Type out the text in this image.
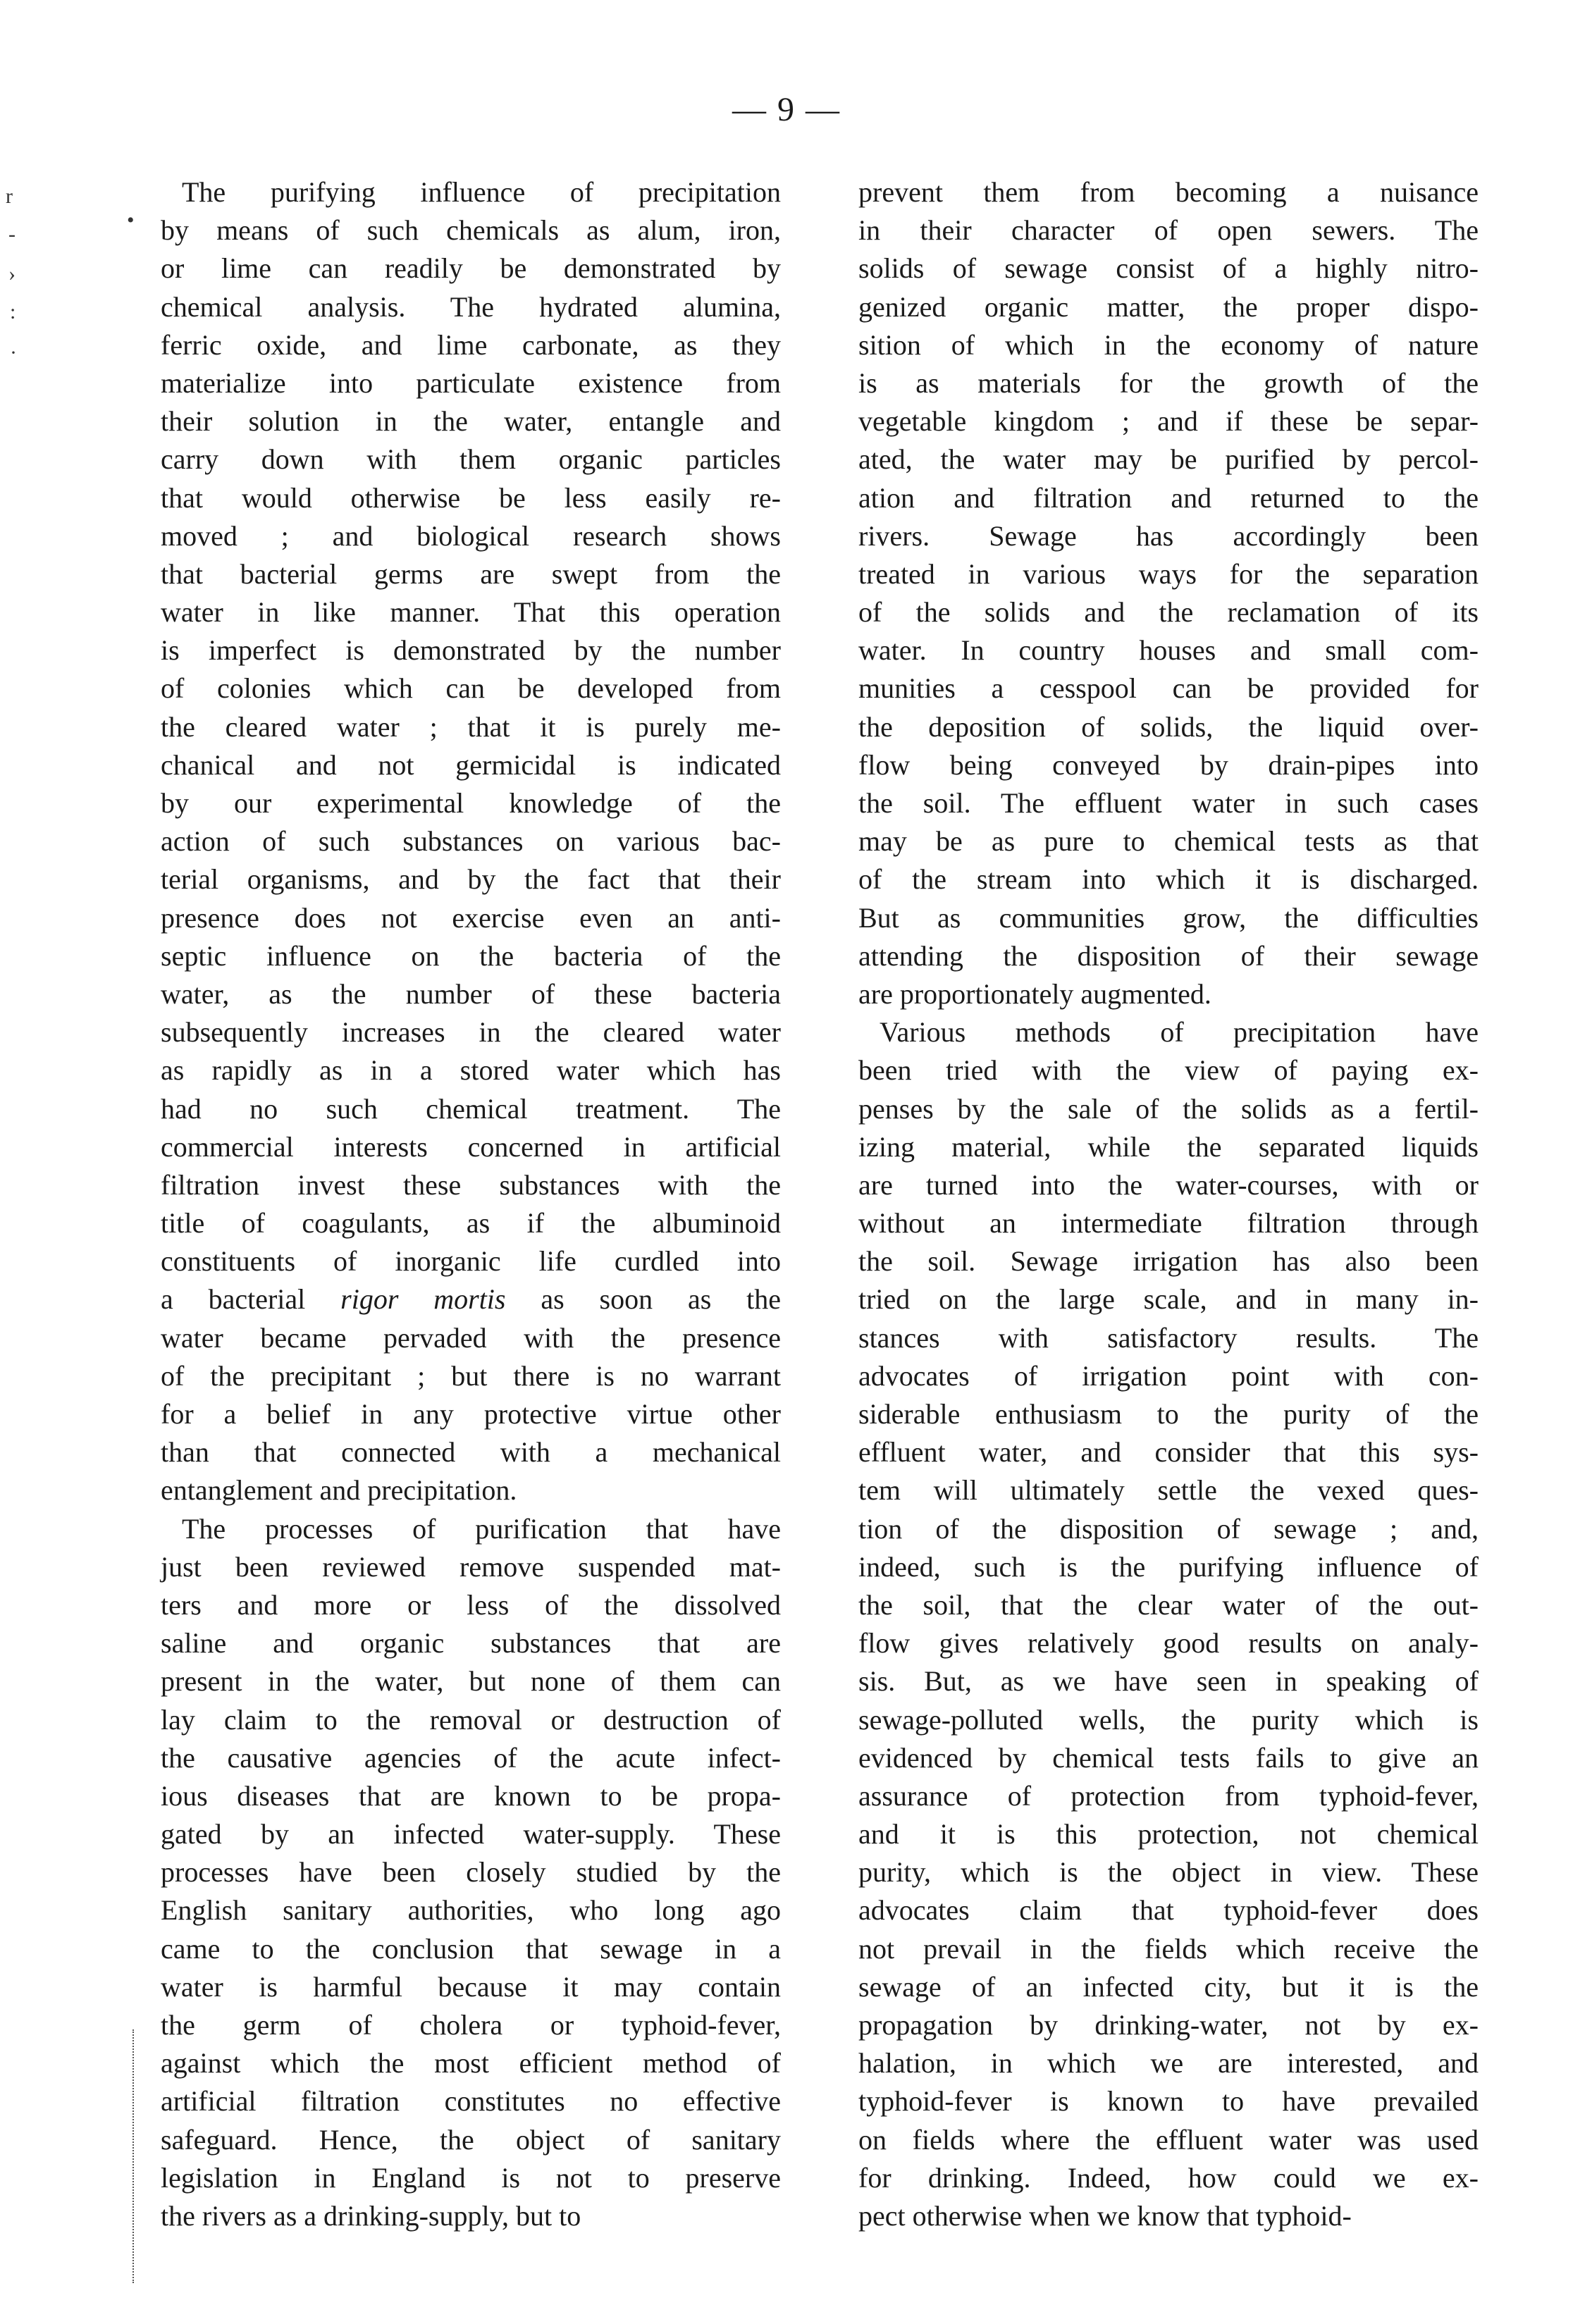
— 9 —
r
-
›
:
·
•
The purifying influence of precipitation
by means of such chemicals as alum, iron,
or lime can readily be demonstrated by
chemical analysis. The hydrated alumina,
ferric oxide, and lime carbonate, as they
materialize into particulate existence from
their solution in the water, entangle and
carry down with them organic particles
that would otherwise be less easily re-
moved ; and biological research shows
that bacterial germs are swept from the
water in like manner. That this operation
is imperfect is demonstrated by the number
of colonies which can be developed from
the cleared water ; that it is purely me-
chanical and not germicidal is indicated
by our experimental knowledge of the
action of such substances on various bac-
terial organisms, and by the fact that their
presence does not exercise even an anti-
septic influence on the bacteria of the
water, as the number of these bacteria
subsequently increases in the cleared water
as rapidly as in a stored water which has
had no such chemical treatment. The
commercial interests concerned in artificial
filtration invest these substances with the
title of coagulants, as if the albuminoid
constituents of inorganic life curdled into
a bacterial rigor mortis as soon as the
water became pervaded with the presence
of the precipitant ; but there is no warrant
for a belief in any protective virtue other
than that connected with a mechanical
entanglement and precipitation.
The processes of purification that have
just been reviewed remove suspended mat-
ters and more or less of the dissolved
saline and organic substances that are
present in the water, but none of them can
lay claim to the removal or destruction of
the causative agencies of the acute infect-
ious diseases that are known to be propa-
gated by an infected water-supply. These
processes have been closely studied by the
English sanitary authorities, who long ago
came to the conclusion that sewage in a
water is harmful because it may contain
the germ of cholera or typhoid-fever,
against which the most efficient method of
artificial filtration constitutes no effective
safeguard. Hence, the object of sanitary
legislation in England is not to preserve
the rivers as a drinking-supply, but to
prevent them from becoming a nuisance
in their character of open sewers. The
solids of sewage consist of a highly nitro-
genized organic matter, the proper dispo-
sition of which in the economy of nature
is as materials for the growth of the
vegetable kingdom ; and if these be separ-
ated, the water may be purified by percol-
ation and filtration and returned to the
rivers. Sewage has accordingly been
treated in various ways for the separation
of the solids and the reclamation of its
water. In country houses and small com-
munities a cesspool can be provided for
the deposition of solids, the liquid over-
flow being conveyed by drain-pipes into
the soil. The effluent water in such cases
may be as pure to chemical tests as that
of the stream into which it is discharged.
But as communities grow, the difficulties
attending the disposition of their sewage
are proportionately augmented.
Various methods of precipitation have
been tried with the view of paying ex-
penses by the sale of the solids as a fertil-
izing material, while the separated liquids
are turned into the water-courses, with or
without an intermediate filtration through
the soil. Sewage irrigation has also been
tried on the large scale, and in many in-
stances with satisfactory results. The
advocates of irrigation point with con-
siderable enthusiasm to the purity of the
effluent water, and consider that this sys-
tem will ultimately settle the vexed ques-
tion of the disposition of sewage ; and,
indeed, such is the purifying influence of
the soil, that the clear water of the out-
flow gives relatively good results on analy-
sis. But, as we have seen in speaking of
sewage-polluted wells, the purity which is
evidenced by chemical tests fails to give an
assurance of protection from typhoid-fever,
and it is this protection, not chemical
purity, which is the object in view. These
advocates claim that typhoid-fever does
not prevail in the fields which receive the
sewage of an infected city, but it is the
propagation by drinking-water, not by ex-
halation, in which we are interested, and
typhoid-fever is known to have prevailed
on fields where the effluent water was used
for drinking. Indeed, how could we ex-
pect otherwise when we know that typhoid-
